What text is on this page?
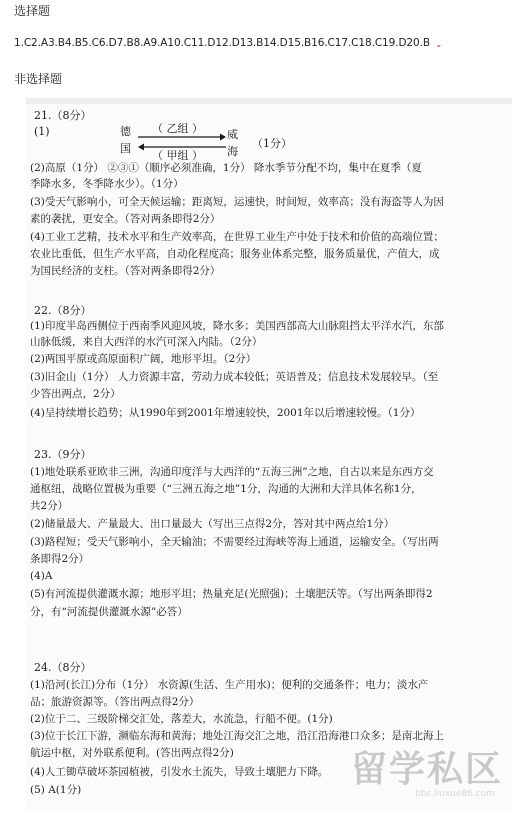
选择题
1.C2.A3.B4.B5.C6.D7.B8.A9.A10.C11.D12.D13.B14.D15.B16.C17.C18.C19.D20.B ⌄
非选择题
21.（8分）
(1)	德
国
（ 乙组 ）
（ 甲组 ）
威
海
（1分）
(2)高原（1分） ②③①（顺序必须准确，1分） 降水季节分配不均，集中在夏季（夏
季降水多，冬季降水少）。（1分）
(3)受天气影响小，可全天候运输；距离短，运速快，时间短，效率高；没有海盗等人为因
素的袭扰，更安全。（答对两条即得2分）
(4)工业工艺精，技术水平和生产效率高，在世界工业生产中处于技术和价值的高端位置；
农业比重低，但生产水平高，自动化程度高；服务业体系完整，服务质量优，产值大，成
为国民经济的支柱。（答对两条即得2分）
22.（8分）
(1)印度半岛西侧位于西南季风迎风坡，降水多；美国西部高大山脉阻挡太平洋水汽，东部
山脉低缓，来自大西洋的水汽可深入内陆。（2分）
(2)两国平原或高原面积广阔，地形平坦。（2分）
(3)旧金山（1分） 人力资源丰富，劳动力成本较低；英语普及；信息技术发展较早。（至
少答出两点，2分）
(4)呈持续增长趋势；从1990年到2001年增速较快，2001年以后增速较慢。（1分）
23.（9分）
(1)地处联系亚欧非三洲，沟通印度洋与大西洋的“五海三洲”之地，自古以来是东西方交
通枢纽，战略位置极为重要（“三洲五海之地”1分，沟通的大洲和大洋具体名称1分，
共2分）
(2)储量最大、产量最大、出口量最大（写出三点得2分，答对其中两点给1分）
(3)路程短；受天气影响小，全天输油；不需要经过海峡等海上通道，运输安全。（写出两
条即得2分）
(4)A
(5)有河流提供灌溉水源；地形平坦；热量充足(光照强)；土壤肥沃等。（写出两条即得2
分，有“河流提供灌溉水源”必答）
24.（8分）
(1)沿河(长江)分布（1分） 水资源(生活、生产用水)；便利的交通条件；电力；淡水产
品；旅游资源等。（答出两点得2分）
(2)位于二、三级阶梯交汇处，落差大，水流急，行船不便。(1分)
(3)位于长江下游，濒临东海和黄海；地处江海交汇之地，沿江沿海港口众多；是南北海上
航运中枢，对外联系便利。(答出两点得2分)
(4)人工锄草破坏茶园植被，引发水土流失，导致土壤肥力下降。
(5) A(1分)	留学私区
bbs.liuxue86.com
